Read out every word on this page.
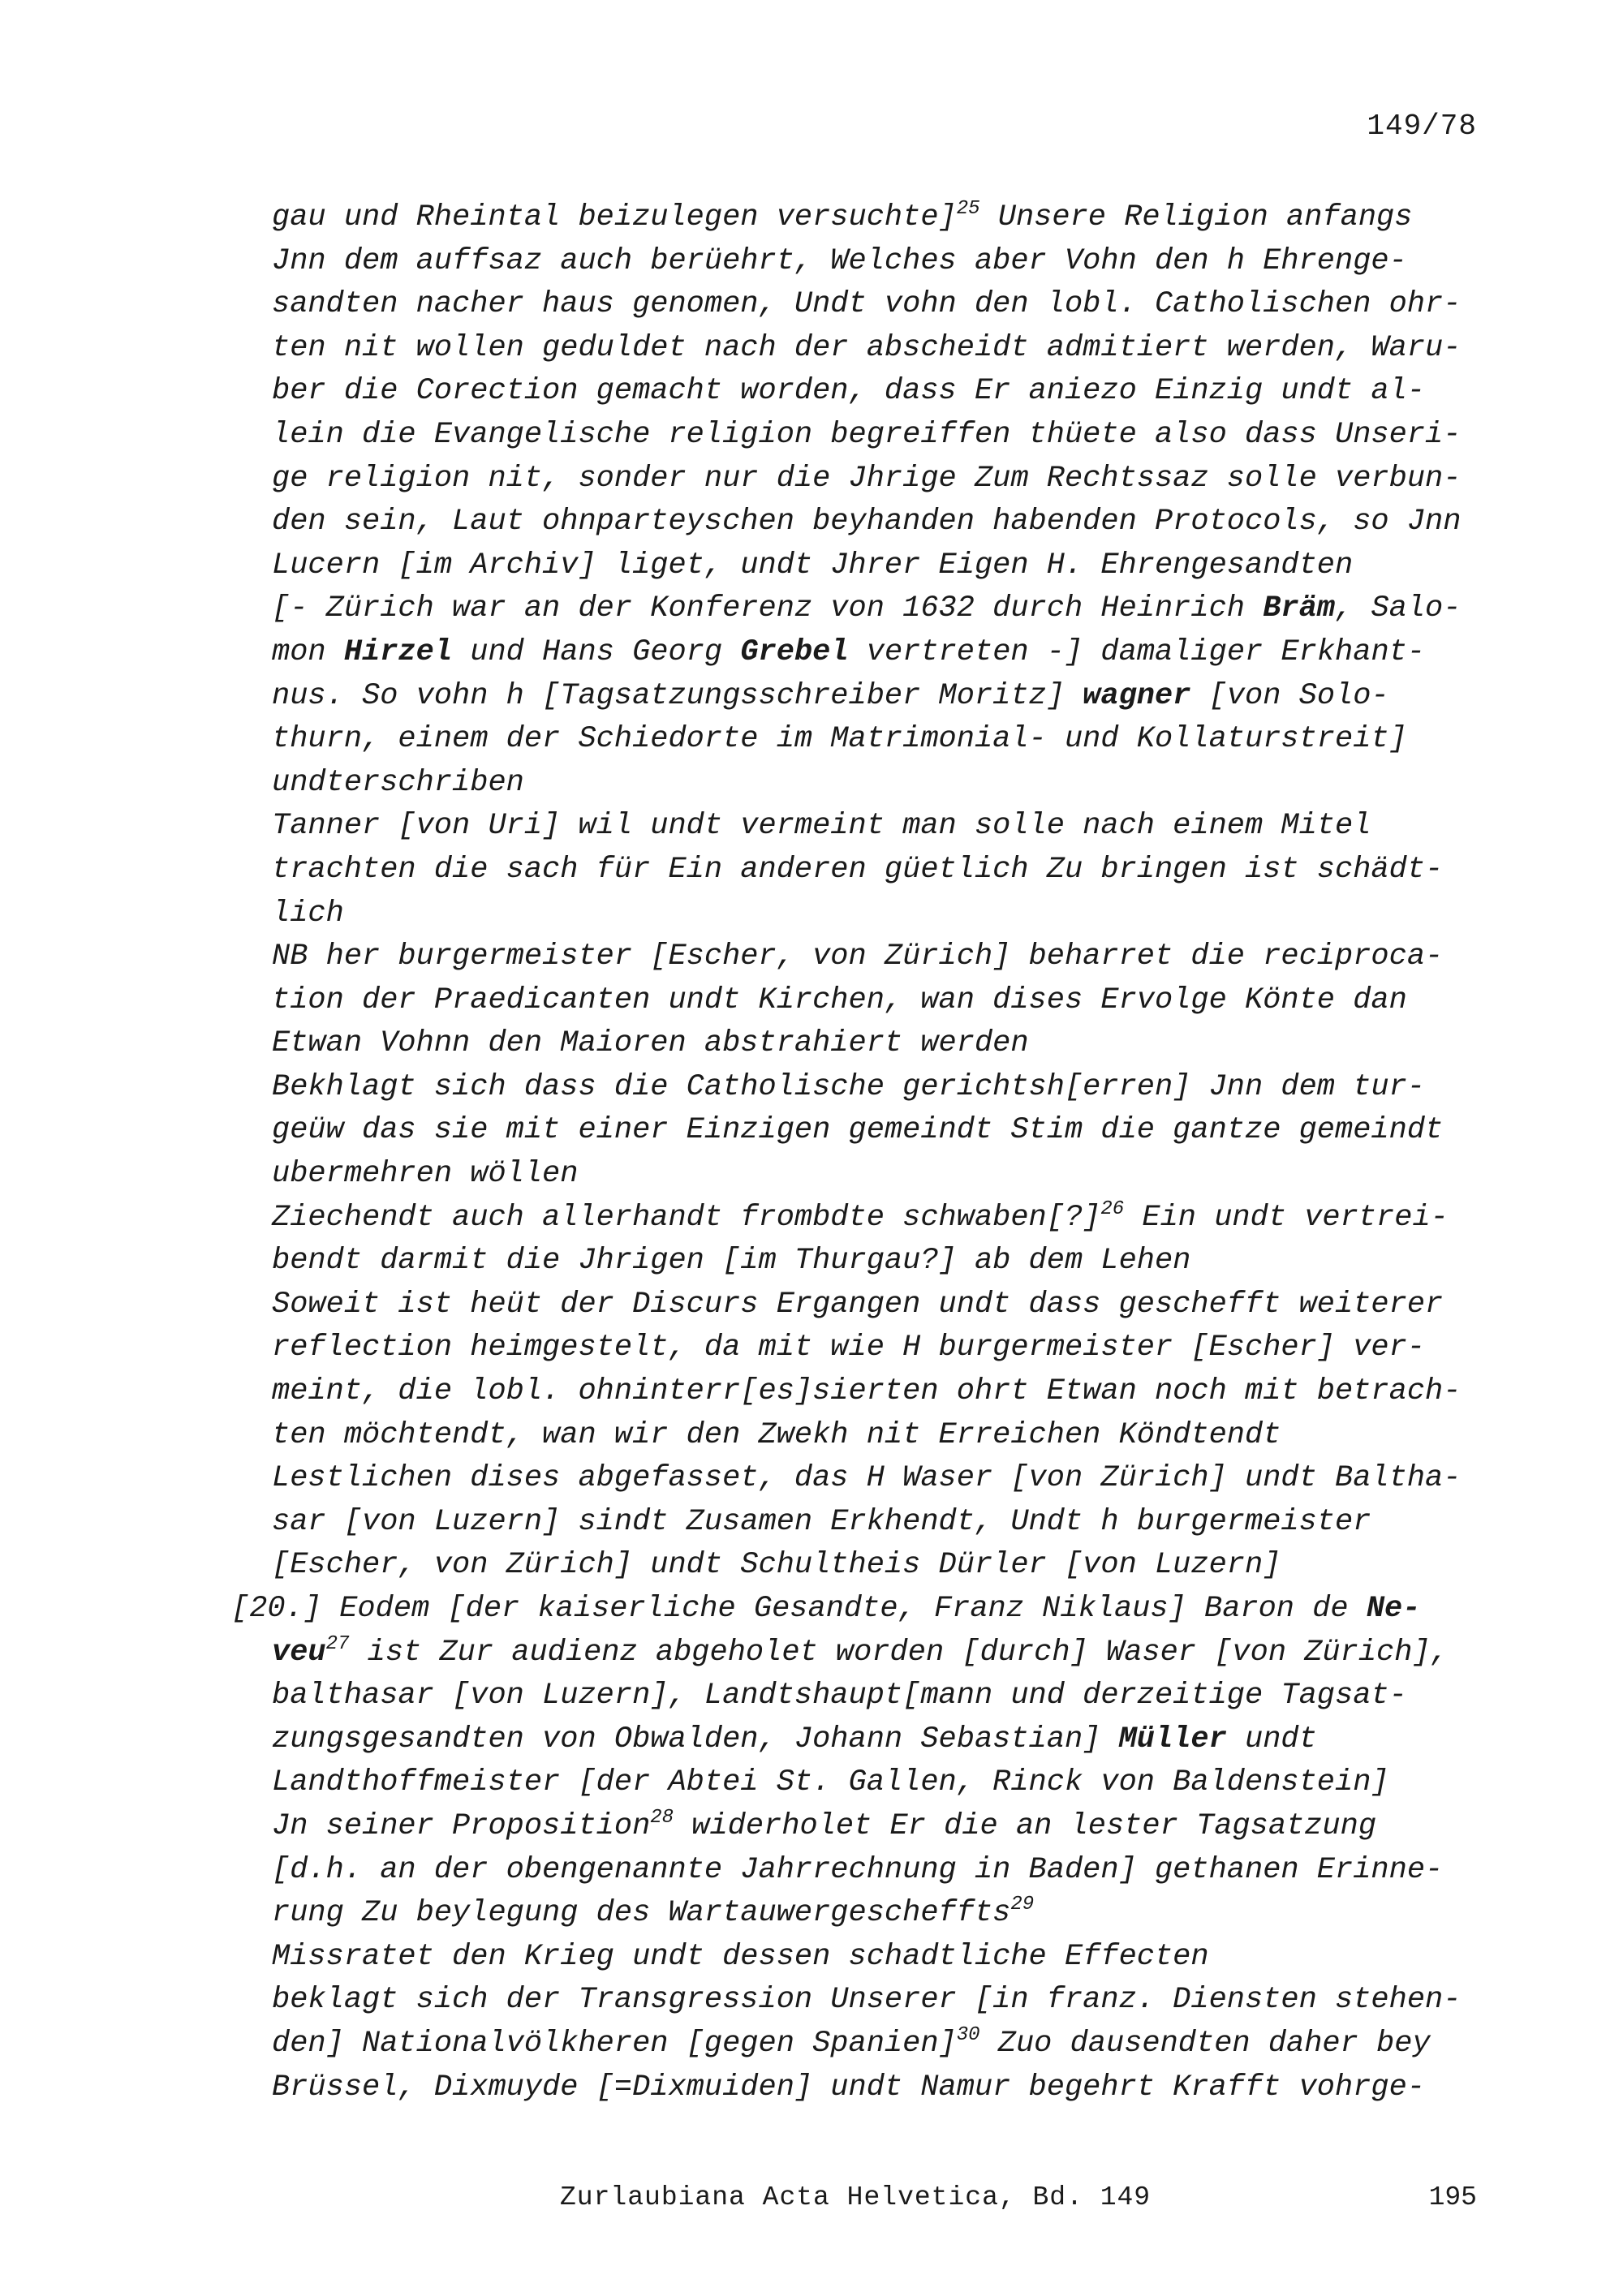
149/78
gau und Rheintal beizulegen versuchte]$^{25}$ Unsere Religion anfangs
Jnn dem auffsaz auch berüehrt, Welches aber Vohn den h Ehrenge-
sandten nacher haus genomen, Undt vohn den lobl. Catholischen ohr-
ten nit wollen geduldet nach der abscheidt admitiert werden, Waru-
ber die Corection gemacht worden, dass Er aniezo Einzig undt al-
lein die Evangelische religion begreiffen thüete also dass Unseri-
ge religion nit, sonder nur die Jhrige Zum Rechtssaz solle verbun-
den sein, Laut ohnparteyschen beyhanden habenden Protocols, so Jnn
Lucern [im Archiv] liget, undt Jhrer Eigen H. Ehrengesandten
[- Zürich war an der Konferenz von 1632 durch Heinrich Bräm, Salo-
mon Hirzel und Hans Georg Grebel vertreten -] damaliger Erkhant-
nus. So vohn h [Tagsatzungsschreiber Moritz] wagner [von Solo-
thurn, einem der Schiedorte im Matrimonial- und Kollaturstreit]
undterschriben
Tanner [von Uri] wil undt vermeint man solle nach einem Mitel
trachten die sach für Ein anderen güetlich Zu bringen ist schädt-
lich
NB her burgermeister [Escher, von Zürich] beharret die reciproca-
tion der Praedicanten undt Kirchen, wan dises Ervolge Könte dan
Etwan Vohnn den Maioren abstrahiert werden
Bekhlagt sich dass die Catholische gerichtsh[erren] Jnn dem tur-
geüw das sie mit einer Einzigen gemeindt Stim die gantze gemeindt
ubermehren wöllen
Ziechendt auch allerhandt frombdte schwaben[?]$^{26}$ Ein undt vertrei-
bendt darmit die Jhrigen [im Thurgau?] ab dem Lehen
Soweit ist heüt der Discurs Ergangen undt dass geschefft weiterer
reflection heimgestelt, da mit wie H burgermeister [Escher] ver-
meint, die lobl. ohninterr[es]sierten ohrt Etwan noch mit betrach-
ten möchtendt, wan wir den Zwekh nit Erreichen Köndtendt
Lestlichen dises abgefasset, das H Waser [von Zürich] undt Baltha-
sar [von Luzern] sindt Zusamen Erkhendt, Undt h burgermeister
[Escher, von Zürich] undt Schultheis Dürler [von Luzern]
[20.] Eodem [der kaiserliche Gesandte, Franz Niklaus] Baron de Ne-
veu$^{27}$ ist Zur audienz abgeholet worden [durch] Waser [von Zürich],
balthasar [von Luzern], Landtshaupt[mann und derzeitige Tagsat-
zungsgesandten von Obwalden, Johann Sebastian] Müller undt
Landthoffmeister [der Abtei St. Gallen, Rinck von Baldenstein]
Jn seiner Proposition$^{28}$ widerholet Er die an lester Tagsatzung
[d.h. an der obengenannte Jahrrechnung in Baden] gethanen Erinne-
rung Zu beylegung des Wartauwergescheffts$^{29}$
Missratet den Krieg undt dessen schadtliche Effecten
beklagt sich der Transgression Unserer [in franz. Diensten stehen-
den] Nationalvölkheren [gegen Spanien]$^{30}$ Zuo dausendten daher bey
Brüssel, Dixmuyde [=Dixmuiden] undt Namur begehrt Krafft vohrge-
Zurlaubiana Acta Helvetica, Bd. 149	195
